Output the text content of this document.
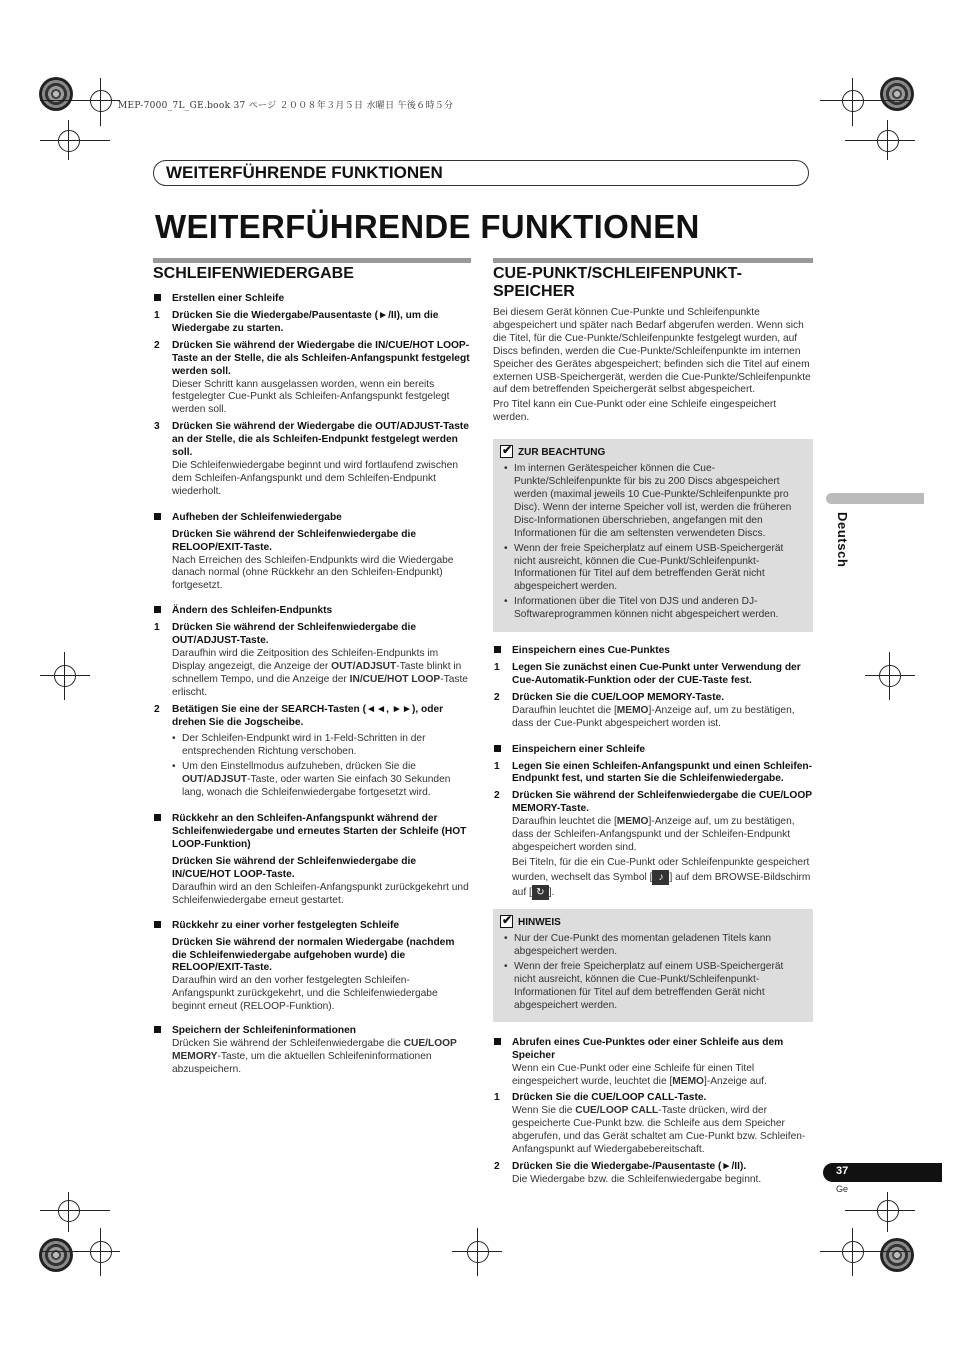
MEP-7000_7L_GE.book 37 ページ ２００８年３月５日 水曜日 午後６時５分
WEITERFÜHRENDE FUNKTIONEN
WEITERFÜHRENDE FUNKTIONEN
SCHLEIFENWIEDERGABE
Erstellen einer Schleife
1 Drücken Sie die Wiedergabe/Pausentaste (►/II), um die Wiedergabe zu starten.
2 Drücken Sie während der Wiedergabe die IN/CUE/HOT LOOP-Taste an der Stelle, die als Schleifen-Anfangspunkt festgelegt werden soll.
Dieser Schritt kann ausgelassen worden, wenn ein bereits festgelegter Cue-Punkt als Schleifen-Anfangspunkt festgelegt werden soll.
3 Drücken Sie während der Wiedergabe die OUT/ADJUST-Taste an der Stelle, die als Schleifen-Endpunkt festgelegt werden soll.
Die Schleifenwiedergabe beginnt und wird fortlaufend zwischen dem Schleifen-Anfangspunkt und dem Schleifen-Endpunkt wiederholt.
Aufheben der Schleifenwiedergabe
Drücken Sie während der Schleifenwiedergabe die RELOOP/EXIT-Taste.
Nach Erreichen des Schleifen-Endpunkts wird die Wiedergabe danach normal (ohne Rückkehr an den Schleifen-Endpunkt) fortgesetzt.
Ändern des Schleifen-Endpunkts
1 Drücken Sie während der Schleifenwiedergabe die OUT/ADJUST-Taste.
Daraufhin wird die Zeitposition des Schleifen-Endpunkts im Display angezeigt, die Anzeige der OUT/ADJSUT-Taste blinkt in schnellem Tempo, und die Anzeige der IN/CUE/HOT LOOP-Taste erlischt.
2 Betätigen Sie eine der SEARCH-Tasten (◄◄, ►►), oder drehen Sie die Jogscheibe.
• Der Schleifen-Endpunkt wird in 1-Feld-Schritten in der entsprechenden Richtung verschoben.
• Um den Einstellmodus aufzuheben, drücken Sie die OUT/ADJSUT-Taste, oder warten Sie einfach 30 Sekunden lang, wonach die Schleifenwiedergabe fortgesetzt wird.
Rückkehr an den Schleifen-Anfangspunkt während der Schleifenwiedergabe und erneutes Starten der Schleife (HOT LOOP-Funktion)
Drücken Sie während der Schleifenwiedergabe die IN/CUE/HOT LOOP-Taste.
Daraufhin wird an den Schleifen-Anfangspunkt zurückgekehrt und Schleifenwiedergabe erneut gestartet.
Rückkehr zu einer vorher festgelegten Schleife
Drücken Sie während der normalen Wiedergabe (nachdem die Schleifenwiedergabe aufgehoben wurde) die RELOOP/EXIT-Taste.
Daraufhin wird an den vorher festgelegten Schleifen-Anfangspunkt zurückgekehrt, und die Schleifenwiedergabe beginnt erneut (RELOOP-Funktion).
Speichern der Schleifeninformationen
Drücken Sie während der Schleifenwiedergabe die CUE/LOOP MEMORY-Taste, um die aktuellen Schleifeninformationen abzuspeichern.
CUE-PUNKT/SCHLEIFENPUNKT-SPEICHER
Bei diesem Gerät können Cue-Punkte und Schleifenpunkte abgespeichert und später nach Bedarf abgerufen werden. Wenn sich die Titel, für die Cue-Punkte/Schleifenpunkte festgelegt wurden, auf Discs befinden, werden die Cue-Punkte/Schleifenpunkte im internen Speicher des Gerätes abgespeichert; befinden sich die Titel auf einem externen USB-Speichergerät, werden die Cue-Punkte/Schleifenpunkte auf dem betreffenden Speichergerät selbst abgespeichert.
Pro Titel kann ein Cue-Punkt oder eine Schleife eingespeichert werden.
✔
ZUR BEACHTUNG
• Im internen Gerätespeicher können die Cue-Punkte/Schleifenpunkte für bis zu 200 Discs abgespeichert werden (maximal jeweils 10 Cue-Punkte/Schleifenpunkte pro Disc). Wenn der interne Speicher voll ist, werden die früheren Disc-Informationen überschrieben, angefangen mit den Informationen für die am seltensten verwendeten Discs.
• Wenn der freie Speicherplatz auf einem USB-Speichergerät nicht ausreicht, können die Cue-Punkt/Schleifenpunkt-Informationen für Titel auf dem betreffenden Gerät nicht abgespeichert werden.
• Informationen über die Titel von DJS und anderen DJ-Softwareprogrammen können nicht abgespeichert werden.
Einspeichern eines Cue-Punktes
1 Legen Sie zunächst einen Cue-Punkt unter Verwendung der Cue-Automatik-Funktion oder der CUE-Taste fest.
2 Drücken Sie die CUE/LOOP MEMORY-Taste.
Daraufhin leuchtet die [MEMO]-Anzeige auf, um zu bestätigen, dass der Cue-Punkt abgespeichert worden ist.
Einspeichern einer Schleife
1 Legen Sie einen Schleifen-Anfangspunkt und einen Schleifen-Endpunkt fest, und starten Sie die Schleifenwiedergabe.
2 Drücken Sie während der Schleifenwiedergabe die CUE/LOOP MEMORY-Taste.
Daraufhin leuchtet die [MEMO]-Anzeige auf, um zu bestätigen, dass der Schleifen-Anfangspunkt und der Schleifen-Endpunkt abgespeichert worden sind.
Bei Titeln, für die ein Cue-Punkt oder Schleifenpunkte gespeichert wurden, wechselt das Symbol [ ♪ ] auf dem BROWSE-Bildschirm auf [ ↻ ].
✔
HINWEIS
• Nur der Cue-Punkt des momentan geladenen Titels kann abgespeichert werden.
• Wenn der freie Speicherplatz auf einem USB-Speichergerät nicht ausreicht, können die Cue-Punkt/Schleifenpunkt-Informationen für Titel auf dem betreffenden Gerät nicht abgespeichert werden.
Abrufen eines Cue-Punktes oder einer Schleife aus dem Speicher
Wenn ein Cue-Punkt oder eine Schleife für einen Titel eingespeichert wurde, leuchtet die [MEMO]-Anzeige auf.
1 Drücken Sie die CUE/LOOP CALL-Taste.
Wenn Sie die CUE/LOOP CALL-Taste drücken, wird der gespeicherte Cue-Punkt bzw. die Schleife aus dem Speicher abgerufen, und das Gerät schaltet am Cue-Punkt bzw. Schleifen-Anfangspunkt auf Wiedergabebereitschaft.
2 Drücken Sie die Wiedergabe-/Pausentaste (►/II).
Die Wiedergabe bzw. die Schleifenwiedergabe beginnt.
Deutsch
37
Ge
